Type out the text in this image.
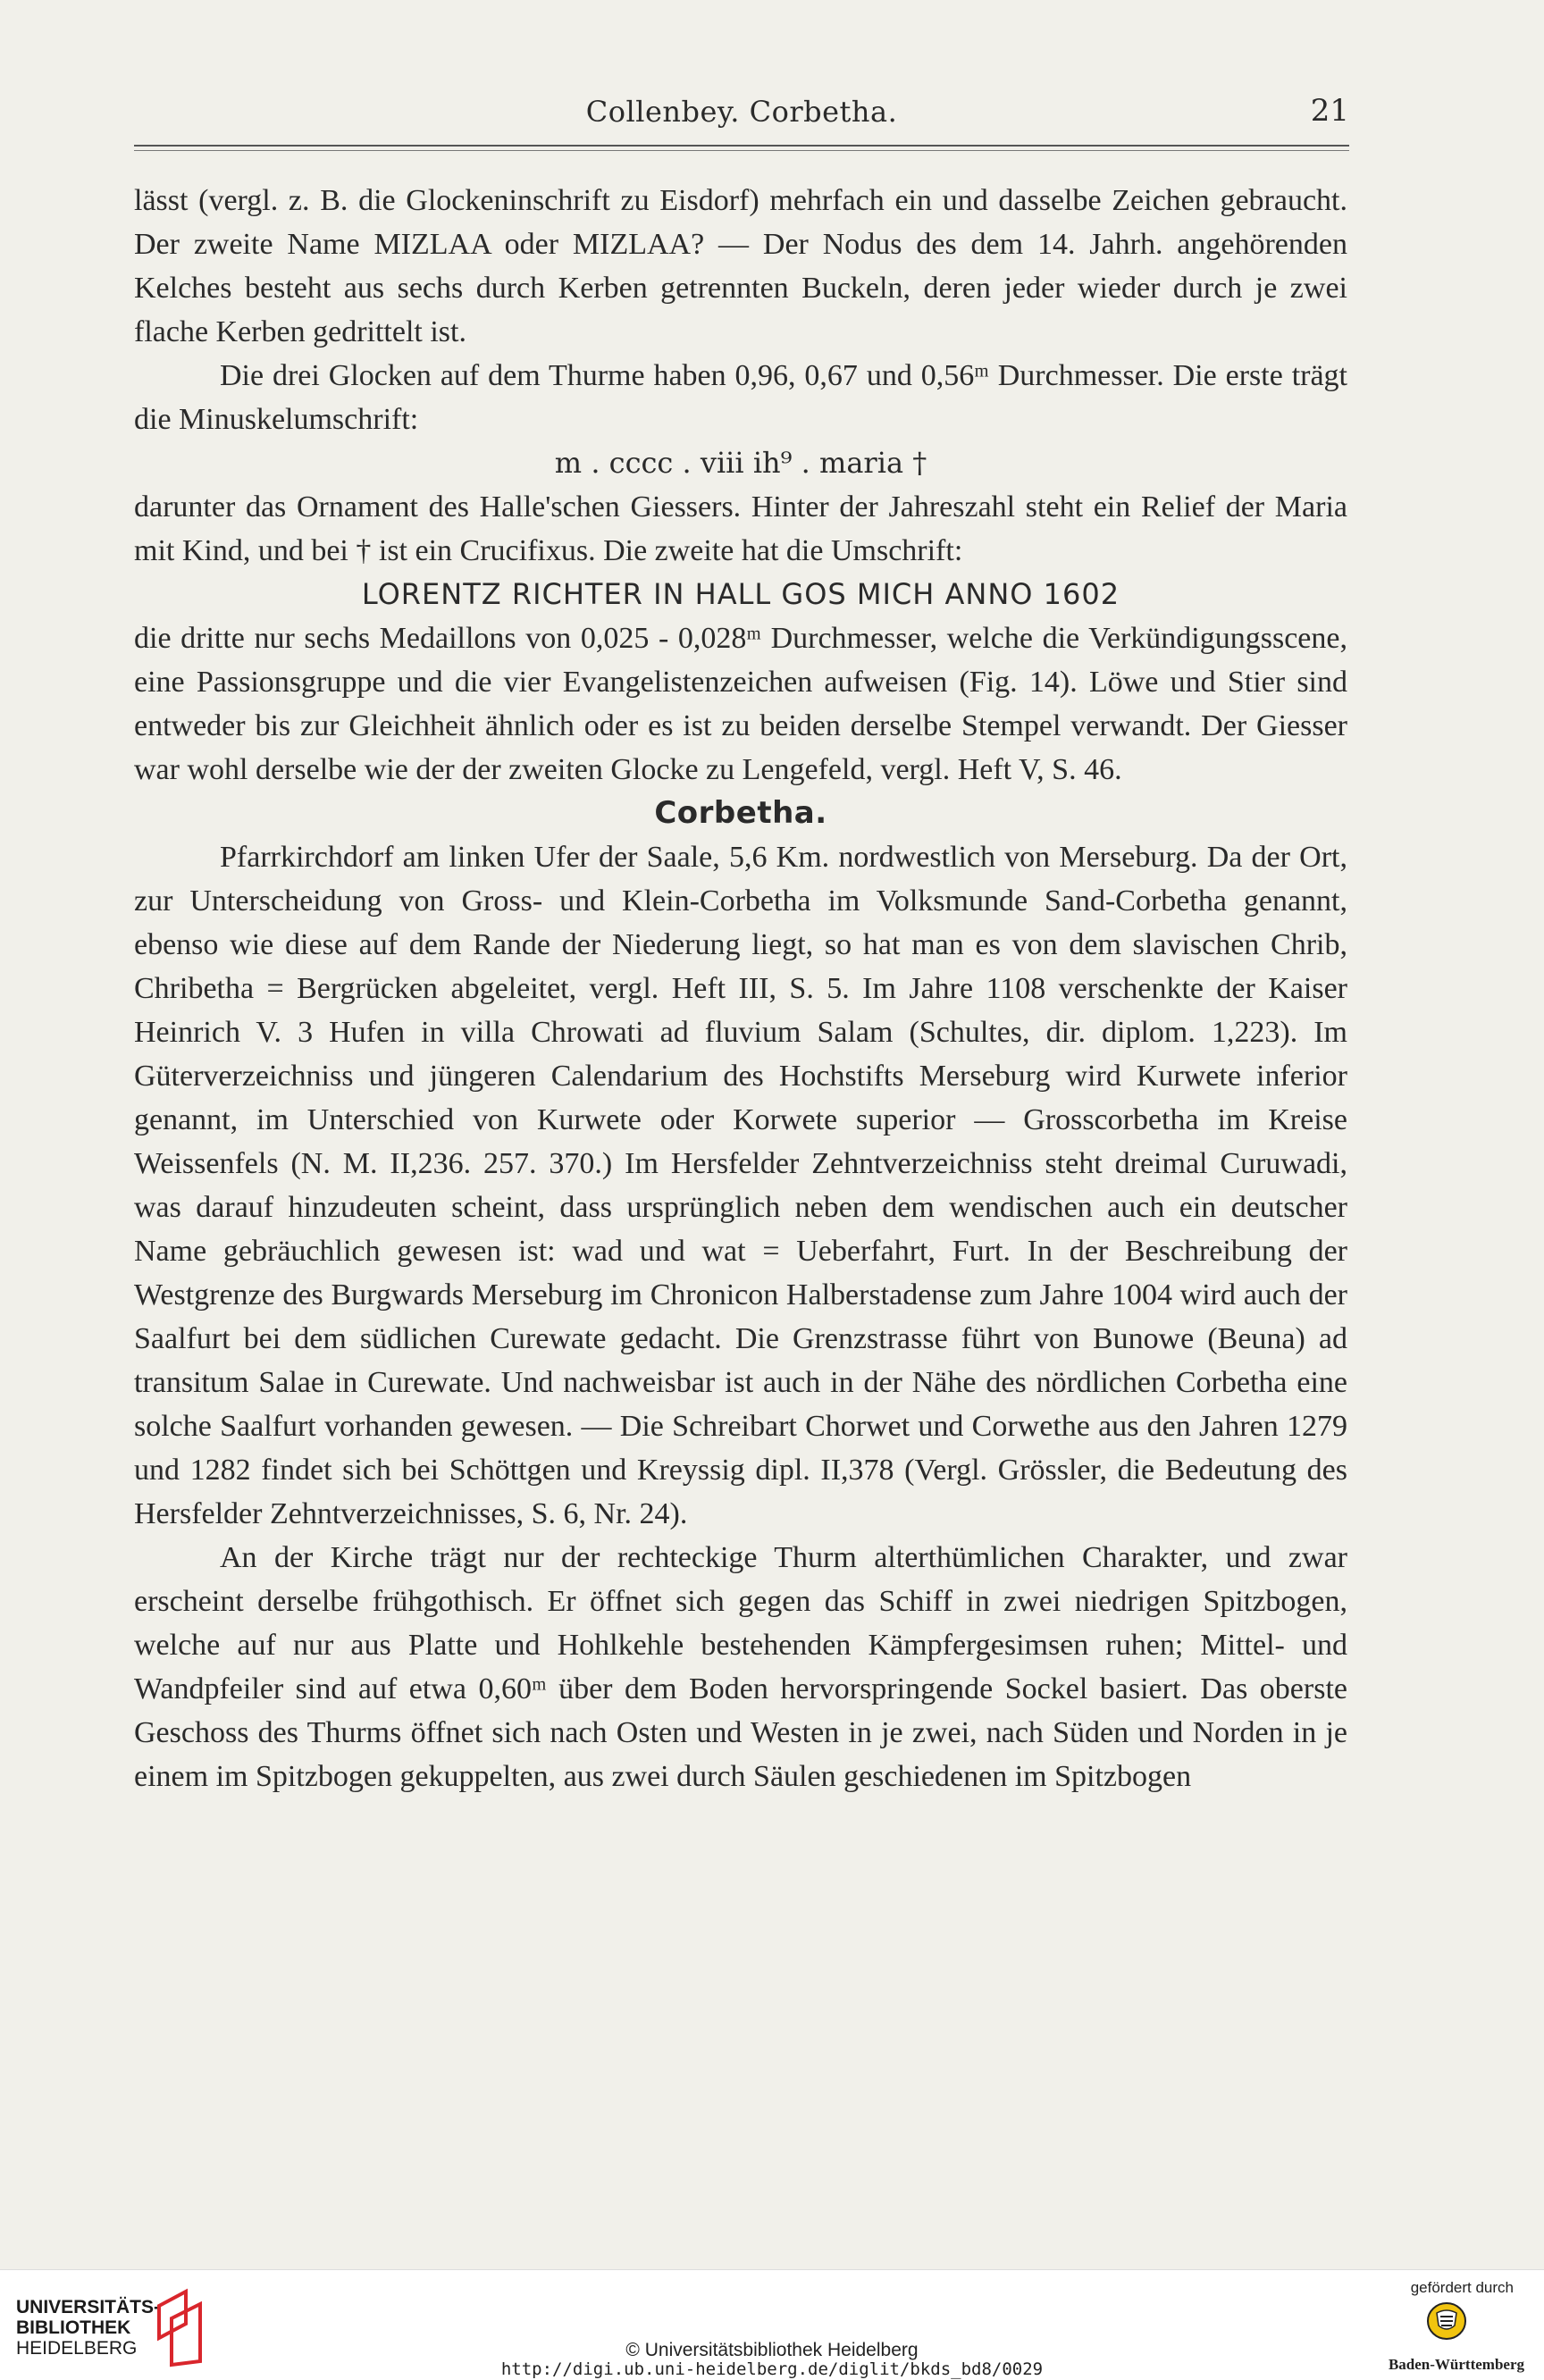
Collenbey. Corbetha.	21

lässt (vergl. z. B. die Glockeninschrift zu Eisdorf) mehrfach ein und dasselbe Zeichen gebraucht. Der zweite Name MIZLAA oder MIZLAA? — Der Nodus des dem 14. Jahrh. angehörenden Kelches besteht aus sechs durch Kerben getrennten Buckeln, deren jeder wieder durch je zwei flache Kerben gedrittelt ist.

Die drei Glocken auf dem Thurme haben 0,96, 0,67 und 0,56ᵐ Durchmesser. Die erste trägt die Minuskelumschrift:

m . cccc . viii ih⁹ . maria †

darunter das Ornament des Halle'schen Giessers. Hinter der Jahreszahl steht ein Relief der Maria mit Kind, und bei † ist ein Crucifixus. Die zweite hat die Umschrift:

LORENTZ RICHTER IN HALL GOS MICH ANNO 1602

die dritte nur sechs Medaillons von 0,025 - 0,028ᵐ Durchmesser, welche die Verkündigungsscene, eine Passionsgruppe und die vier Evangelistenzeichen aufweisen (Fig. 14). Löwe und Stier sind entweder bis zur Gleichheit ähnlich oder es ist zu beiden derselbe Stempel verwandt. Der Giesser war wohl derselbe wie der der zweiten Glocke zu Lengefeld, vergl. Heft V, S. 46.

Corbetha.

Pfarrkirchdorf am linken Ufer der Saale, 5,6 Km. nordwestlich von Merseburg. Da der Ort, zur Unterscheidung von Gross- und Klein-Corbetha im Volksmunde Sand-Corbetha genannt, ebenso wie diese auf dem Rande der Niederung liegt, so hat man es von dem slavischen Chrib, Chribetha = Bergrücken abgeleitet, vergl. Heft III, S. 5. Im Jahre 1108 verschenkte der Kaiser Heinrich V. 3 Hufen in villa Chrowati ad fluvium Salam (Schultes, dir. diplom. 1,223). Im Güterverzeichniss und jüngeren Calendarium des Hochstifts Merseburg wird Kurwete inferior genannt, im Unterschied von Kurwete oder Korwete superior — Grosscorbetha im Kreise Weissenfels (N. M. II,236. 257. 370.) Im Hersfelder Zehntverzeichniss steht dreimal Curuwadi, was darauf hinzudeuten scheint, dass ursprünglich neben dem wendischen auch ein deutscher Name gebräuchlich gewesen ist: wad und wat = Ueberfahrt, Furt. In der Beschreibung der Westgrenze des Burgwards Merseburg im Chronicon Halberstadense zum Jahre 1004 wird auch der Saalfurt bei dem südlichen Curewate gedacht. Die Grenzstrasse führt von Bunowe (Beuna) ad transitum Salae in Curewate. Und nachweisbar ist auch in der Nähe des nördlichen Corbetha eine solche Saalfurt vorhanden gewesen. — Die Schreibart Chorwet und Corwethe aus den Jahren 1279 und 1282 findet sich bei Schöttgen und Kreyssig dipl. II,378 (Vergl. Grössler, die Bedeutung des Hersfelder Zehntverzeichnisses, S. 6, Nr. 24).

An der Kirche trägt nur der rechteckige Thurm alterthümlichen Charakter, und zwar erscheint derselbe frühgothisch. Er öffnet sich gegen das Schiff in zwei niedrigen Spitzbogen, welche auf nur aus Platte und Hohlkehle bestehenden Kämpfergesimsen ruhen; Mittel- und Wandpfeiler sind auf etwa 0,60ᵐ über dem Boden hervorspringende Sockel basiert. Das oberste Geschoss des Thurms öffnet sich nach Osten und Westen in je zwei, nach Süden und Norden in je einem im Spitzbogen gekuppelten, aus zwei durch Säulen geschiedenen im Spitzbogen

UNIVERSITÄTS-
BIBLIOTHEK
HEIDELBERG	© Universitätsbibliothek Heidelberg
http://digi.ub.uni-heidelberg.de/diglit/bkds_bd8/0029
gefördert durch
Baden-Württemberg
